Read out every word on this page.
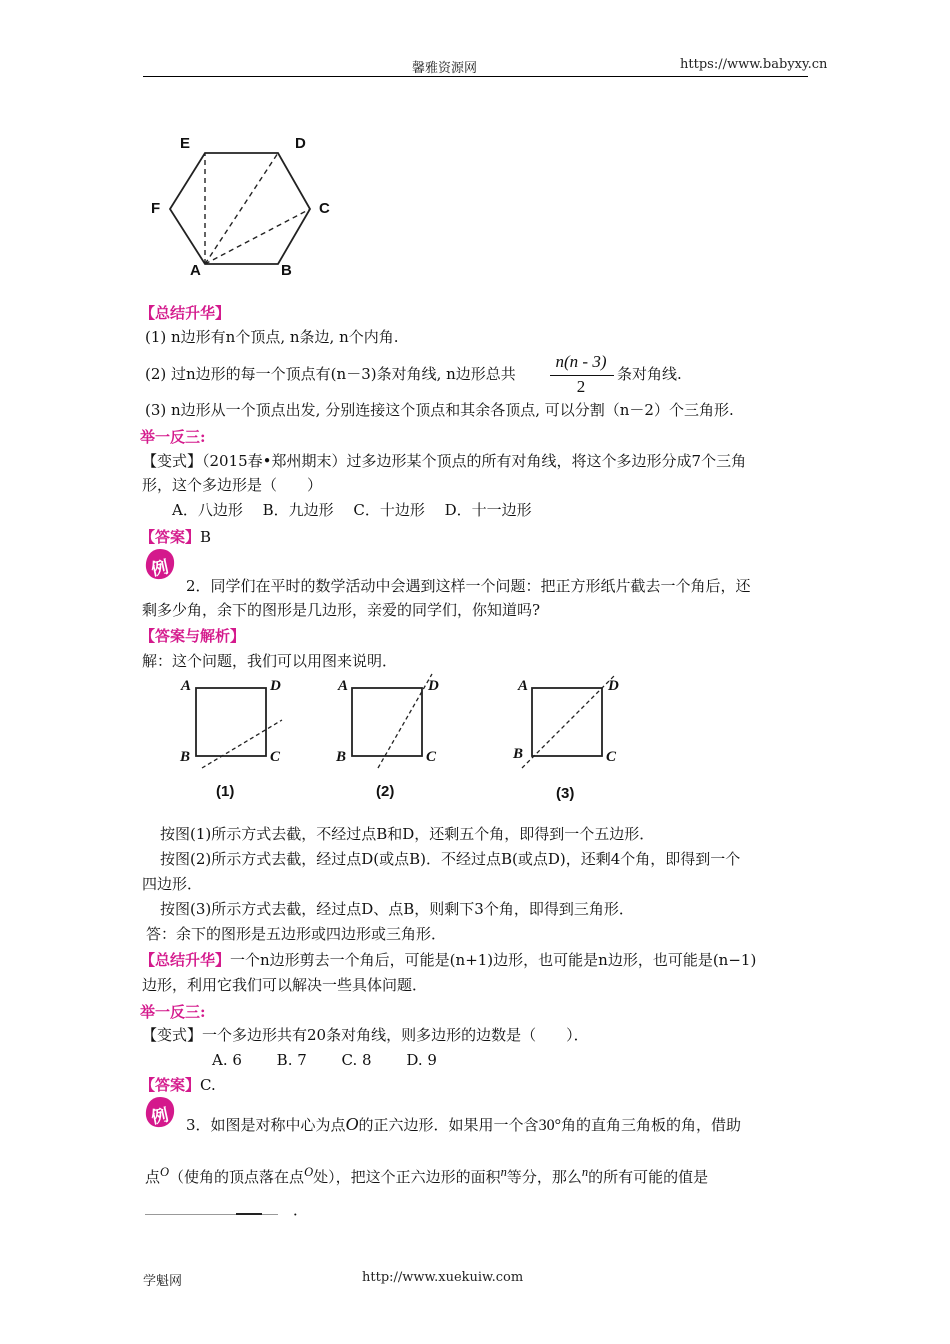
馨雅资源网	https://www.babyxy.cn
E	D
F	C
A	B
【总结升华】
(1) n边形有n个顶点, n条边, n个内角.
(2) 过n边形的每一个顶点有(n－3)条对角线, n边形总共
n(n - 3)
2
条对角线.
(3) n边形从一个顶点出发, 分别连接这个顶点和其余各顶点, 可以分割（n－2）个三角形.
举一反三:
【变式】（2015春•郑州期末）过多边形某个顶点的所有对角线，将这个多边形分成7个三角
形，这个多边形是（　　）
A．八边形　 B．九边形　 C．十边形　 D．十一边形
【答案】B
例
2．同学们在平时的数学活动中会遇到这样一个问题：把正方形纸片截去一个角后，还
剩多少角，余下的图形是几边形，亲爱的同学们，你知道吗?
【答案与解析】
解：这个问题，我们可以用图来说明．
A	D
B	C
(1)
A	D
B	C
(2)
A	D
B	C
(3)
按图(1)所示方式去截，不经过点B和D，还剩五个角，即得到一个五边形．
按图(2)所示方式去截，经过点D(或点B)．不经过点B(或点D)，还剩4个角，即得到一个
四边形．
按图(3)所示方式去截，经过点D、点B，则剩下3个角，即得到三角形．
答：余下的图形是五边形或四边形或三角形．
【总结升华】一个n边形剪去一个角后，可能是(n+1)边形，也可能是n边形，也可能是(n−1)
边形，利用它我们可以解决一些具体问题．
举一反三:
【变式】一个多边形共有20条对角线，则多边形的边数是（　　）．
A. 6　　 B. 7　　 C. 8　　 D. 9
【答案】C.
例 3．如图是对称中心为点O的正六边形．如果用一个含30°角的直角三角板的角，借助
点$^O$（使角的顶点落在点$^O$处），把这个正六边形的面积$^n$等分，那么$^n$的所有可能的值是
．
学魁网	http://www.xuekuiw.com
